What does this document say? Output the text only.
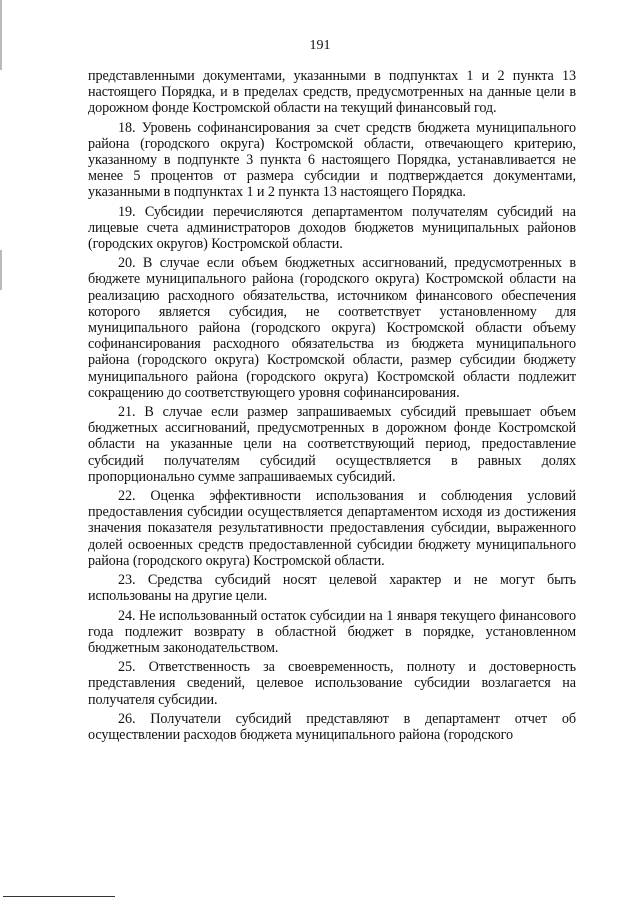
191

представленными документами, указанными в подпунктах 1 и 2 пункта 13 настоящего Порядка, и в пределах средств, предусмотренных на данные цели в дорожном фонде Костромской области на текущий финансовый год.

18. Уровень софинансирования за счет средств бюджета муниципального района (городского округа) Костромской области, отвечающего критерию, указанному в подпункте 3 пункта 6 настоящего Порядка, устанавливается не менее 5 процентов от размера субсидии и подтверждается документами, указанными в подпунктах 1 и 2 пункта 13 настоящего Порядка.

19. Субсидии перечисляются департаментом получателям субсидий на лицевые счета администраторов доходов бюджетов муниципальных районов (городских округов) Костромской области.

20. В случае если объем бюджетных ассигнований, предусмотренных в бюджете муниципального района (городского округа) Костромской области на реализацию расходного обязательства, источником финансового обеспечения которого является субсидия, не соответствует установленному для муниципального района (городского округа) Костромской области объему софинансирования расходного обязательства из бюджета муниципального района (городского округа) Костромской области, размер субсидии бюджету муниципального района (городского округа) Костромской области подлежит сокращению до соответствующего уровня софинансирования.

21. В случае если размер запрашиваемых субсидий превышает объем бюджетных ассигнований, предусмотренных в дорожном фонде Костромской области на указанные цели на соответствующий период, предоставление субсидий получателям субсидий осуществляется в равных долях пропорционально сумме запрашиваемых субсидий.

22. Оценка эффективности использования и соблюдения условий предоставления субсидии осуществляется департаментом исходя из достижения значения показателя результативности предоставления субсидии, выраженного долей освоенных средств предоставленной субсидии бюджету муниципального района (городского округа) Костромской области.

23. Средства субсидий носят целевой характер и не могут быть использованы на другие цели.

24. Не использованный остаток субсидии на 1 января текущего финансового года подлежит возврату в областной бюджет в порядке, установленном бюджетным законодательством.

25. Ответственность за своевременность, полноту и достоверность представления сведений, целевое использование субсидии возлагается на получателя субсидии.

26. Получатели субсидий представляют в департамент отчет об осуществлении расходов бюджета муниципального района (городского
